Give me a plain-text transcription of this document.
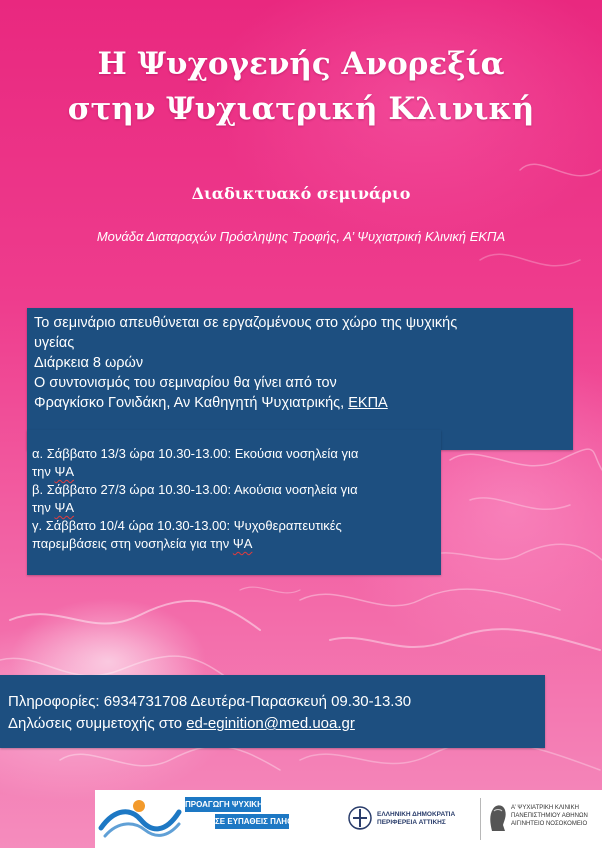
Η Ψυχογενής Ανορεξία
στην Ψυχιατρική Κλινική
Διαδικτυακό σεμινάριο
Μονάδα Διαταραχών Πρόσληψης Τροφής, Α’ Ψυχιατρική Κλινική ΕΚΠΑ
Το σεμινάριο απευθύνεται σε εργαζομένους στο χώρο της ψυχικής
υγείας
Διάρκεια 8 ωρών
Ο συντονισμός του σεμιναρίου θα γίνει από τον
Φραγκίσκο Γονιδάκη, Αν Καθηγητή Ψυχιατρικής, ΕΚΠΑ
α. Σάββατο 13/3 ώρα 10.30-13.00: Εκούσια νοσηλεία για
την ΨΑ
β. Σάββατο 27/3 ώρα 10.30-13.00: Ακούσια νοσηλεία για
την ΨΑ
γ. Σάββατο 10/4 ώρα 10.30-13.00: Ψυχοθεραπευτικές
παρεμβάσεις στη νοσηλεία για την ΨΑ
Πληροφορίες: 6934731708 Δευτέρα-Παρασκευή 09.30-13.30
Δηλώσεις συμμετοχής στο ed-eginition@med.uoa.gr
ΠΡΟΑΓΩΓΗ ΨΥΧΙΚΗΣ ΥΓΕΙΑΣ
ΣΕ ΕΥΠΑΘΕΙΣ ΠΛΗΘΥΣΜΟΥΣ
ΕΛΛΗΝΙΚΗ ΔΗΜΟΚΡΑΤΙΑ
ΠΕΡΙΦΕΡΕΙΑ ΑΤΤΙΚΗΣ
Α’ ΨΥΧΙΑΤΡΙΚΗ ΚΛΙΝΙΚΗ
ΠΑΝΕΠΙΣΤΗΜΙΟΥ ΑΘΗΝΩΝ
ΑΙΓΙΝΗΤΕΙΟ ΝΟΣΟΚΟΜΕΙΟ
